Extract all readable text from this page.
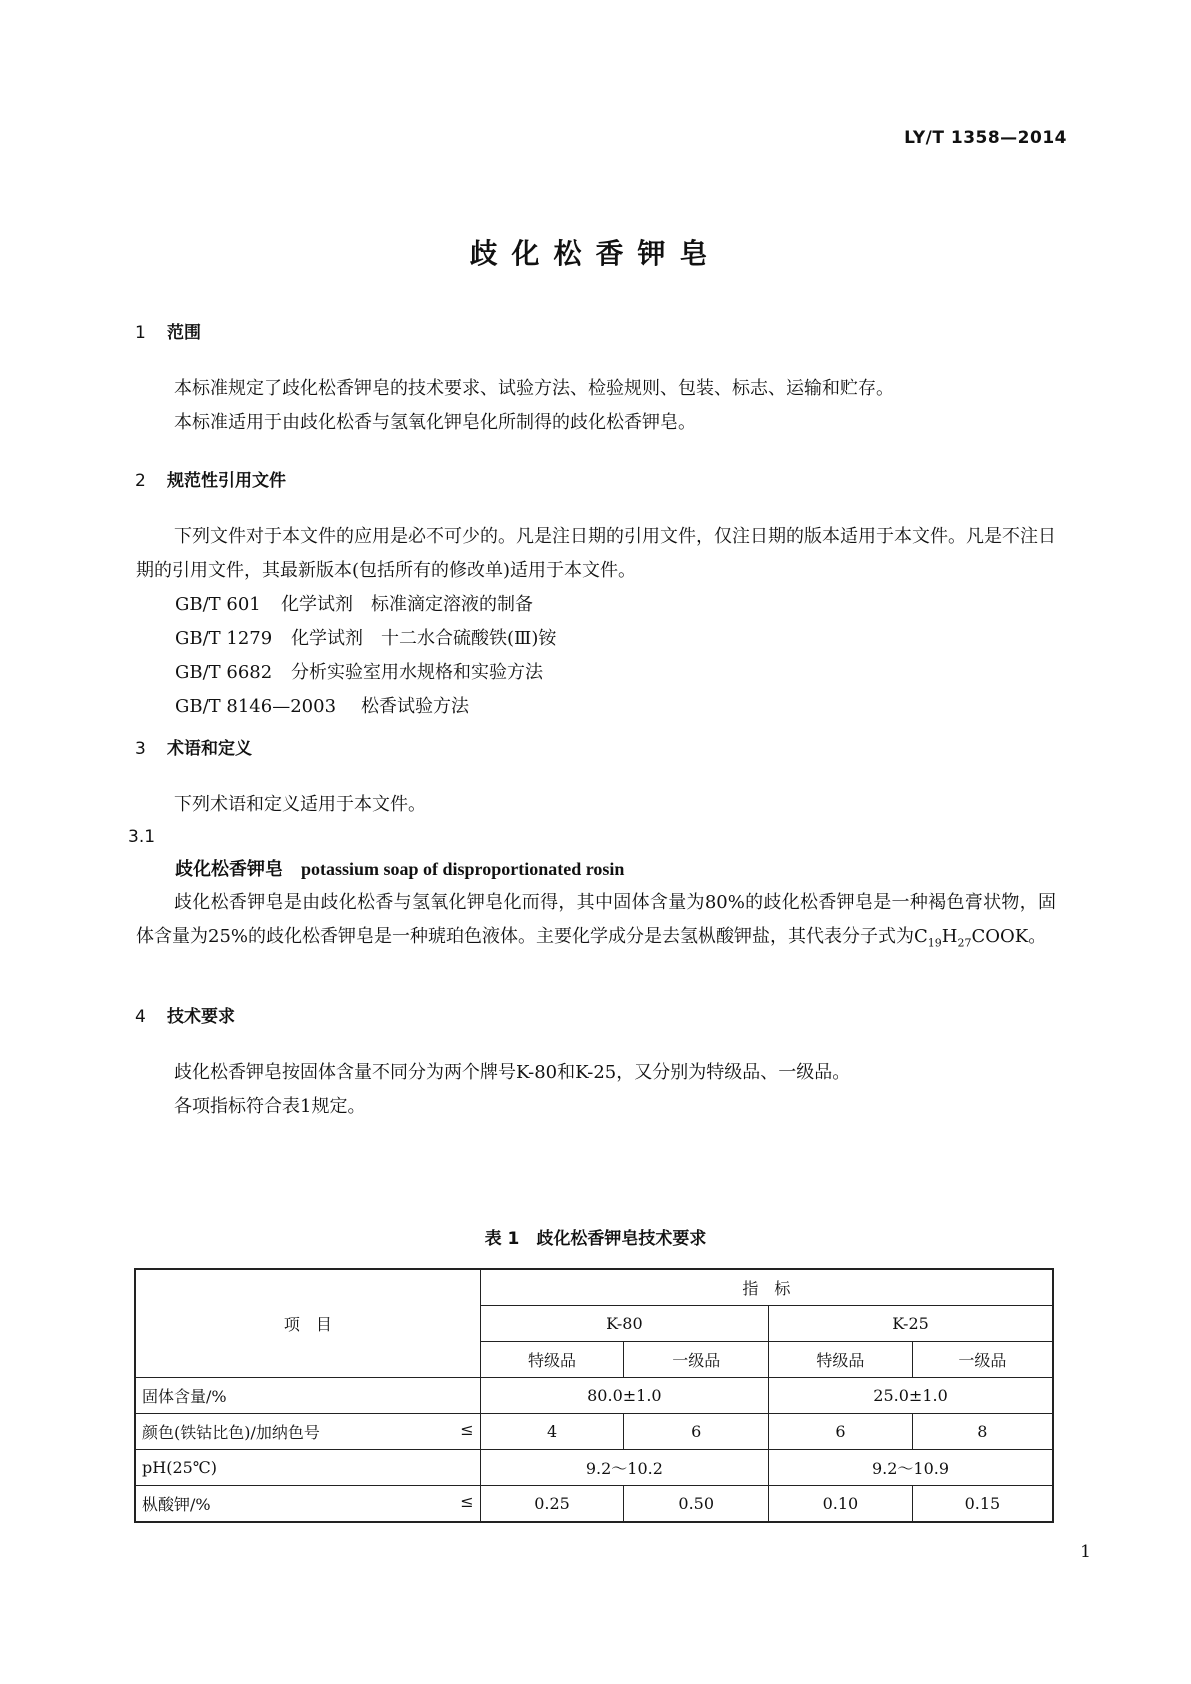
LY/T 1358—2014
歧化松香钾皂
1 范围

本标准规定了歧化松香钾皂的技术要求、试验方法、检验规则、包装、标志、运输和贮存。

本标准适用于由歧化松香与氢氧化钾皂化所制得的歧化松香钾皂。

2 规范性引用文件

下列文件对于本文件的应用是必不可少的。凡是注日期的引用文件，仅注日期的版本适用于本文件。凡是不注日期的引用文件，其最新版本(包括所有的修改单)适用于本文件。

GB/T 601 化学试剂　标准滴定溶液的制备
GB/T 1279 化学试剂　十二水合硫酸铁(Ⅲ)铵
GB/T 6682 分析实验室用水规格和实验方法
GB/T 8146—2003 松香试验方法
3 术语和定义

下列术语和定义适用于本文件。

3.1
歧化松香钾皂　 potassium soap of disproportionated rosin

歧化松香钾皂是由歧化松香与氢氧化钾皂化而得，其中固体含量为80%的歧化松香钾皂是一种褐色膏状物，固体含量为25%的歧化松香钾皂是一种琥珀色液体。主要化学成分是去氢枞酸钾盐，其代表分子式为$C_{19}H_{27}COOK$。

4 技术要求

歧化松香钾皂按固体含量不同分为两个牌号K-80和K-25，又分别为特级品、一级品。

各项指标符合表1规定。

表 1　歧化松香钾皂技术要求
项　目	指　标			
	K-80		K-25	
	特级品	一级品	特级品	一级品
固体含量/%	80.0±1.0		25.0±1.0	
颜色(铁钴比色)/加纳色号 ≤	4	6	6	8
pH(25℃)	9.2～10.2		9.2～10.9	
枞酸钾/% ≤	0.25	0.50	0.10	0.15
1
